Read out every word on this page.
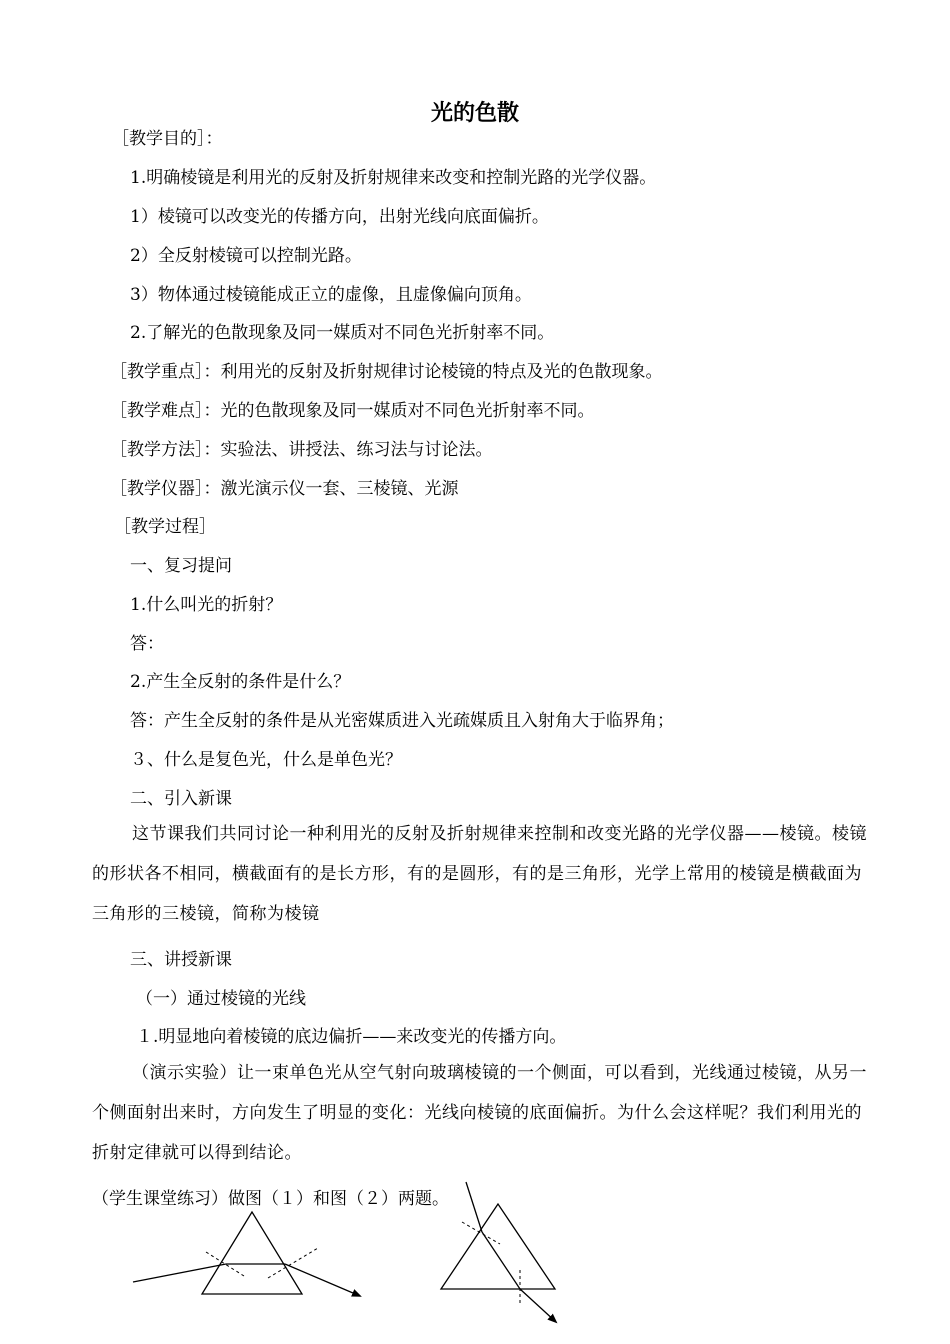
光的色散
［教学目的］：
1.明确棱镜是利用光的反射及折射规律来改变和控制光路的光学仪器。
1）棱镜可以改变光的传播方向，出射光线向底面偏折。
2）全反射棱镜可以控制光路。
3）物体通过棱镜能成正立的虚像，且虚像偏向顶角。
2.了解光的色散现象及同一媒质对不同色光折射率不同。
［教学重点］：利用光的反射及折射规律讨论棱镜的特点及光的色散现象。
［教学难点］：光的色散现象及同一媒质对不同色光折射率不同。
［教学方法］：实验法、讲授法、练习法与讨论法。
［教学仪器］：激光演示仪一套、三棱镜、光源
［教学过程］
一、复习提问
1.什么叫光的折射？
答：
2.产生全反射的条件是什么？
答：产生全反射的条件是从光密媒质进入光疏媒质且入射角大于临界角；
３、什么是复色光，什么是单色光？
二、引入新课
这节课我们共同讨论一种利用光的反射及折射规律来控制和改变光路的光学仪器——棱镜。棱镜的形状各不相同，横截面有的是长方形，有的是圆形，有的是三角形，光学上常用的棱镜是横截面为三角形的三棱镜，简称为棱镜
三、讲授新课
（一）通过棱镜的光线
１.明显地向着棱镜的底边偏折——来改变光的传播方向。
（演示实验）让一束单色光从空气射向玻璃棱镜的一个侧面，可以看到，光线通过棱镜，从另一个侧面射出来时，方向发生了明显的变化：光线向棱镜的底面偏折。为什么会这样呢？我们利用光的折射定律就可以得到结论。
（学生课堂练习）做图（１）和图（２）两题。
